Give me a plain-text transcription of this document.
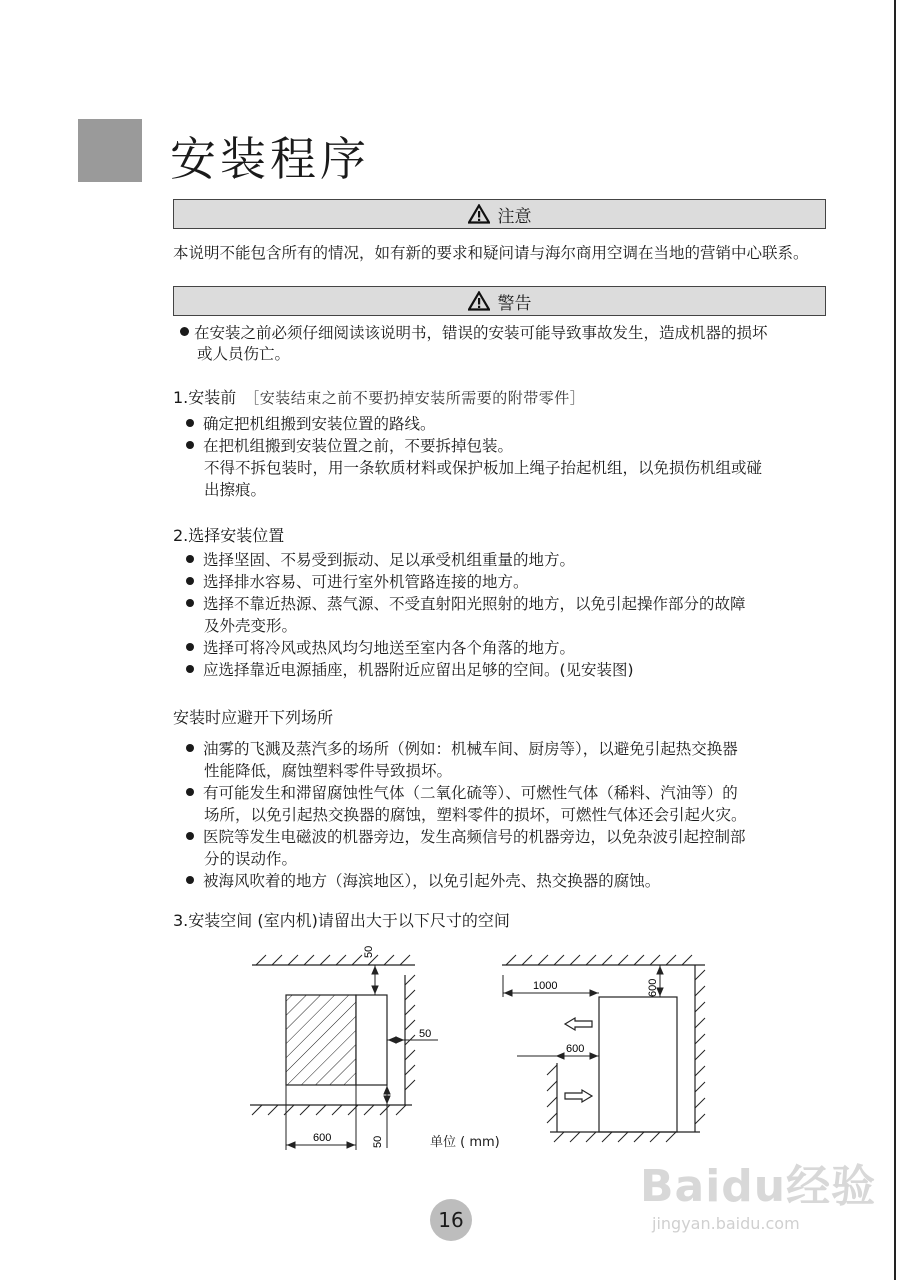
安装程序
注意
本说明不能包含所有的情况，如有新的要求和疑问请与海尔商用空调在当地的营销中心联系。
警告
在安装之前必须仔细阅读该说明书，错误的安装可能导致事故发生，造成机器的损坏
或人员伤亡。
1.安装前 ［安装结束之前不要扔掉安装所需要的附带零件］
确定把机组搬到安装位置的路线。
在把机组搬到安装位置之前，不要拆掉包装。
不得不拆包装时，用一条软质材料或保护板加上绳子抬起机组，以免损伤机组或碰
出擦痕。
2.选择安装位置
选择坚固、不易受到振动、足以承受机组重量的地方。
选择排水容易、可进行室外机管路连接的地方。
选择不靠近热源、蒸气源、不受直射阳光照射的地方，以免引起操作部分的故障
及外壳变形。
选择可将冷风或热风均匀地送至室内各个角落的地方。
应选择靠近电源插座，机器附近应留出足够的空间。(见安装图)
安装时应避开下列场所
油雾的飞溅及蒸汽多的场所（例如：机械车间、厨房等），以避免引起热交换器
性能降低，腐蚀塑料零件导致损坏。
有可能发生和滞留腐蚀性气体（二氧化硫等）、可燃性气体（稀料、汽油等）的
场所，以免引起热交换器的腐蚀，塑料零件的损坏，可燃性气体还会引起火灾。
医院等发生电磁波的机器旁边，发生高频信号的机器旁边，以免杂波引起控制部
分的误动作。
被海风吹着的地方（海滨地区），以免引起外壳、热交换器的腐蚀。
3.安装空间 (室内机)请留出大于以下尺寸的空间
50
50
50
600
1000	600
600
单位 ( mm)
16
Baidu经验
jingyan.baidu.com
